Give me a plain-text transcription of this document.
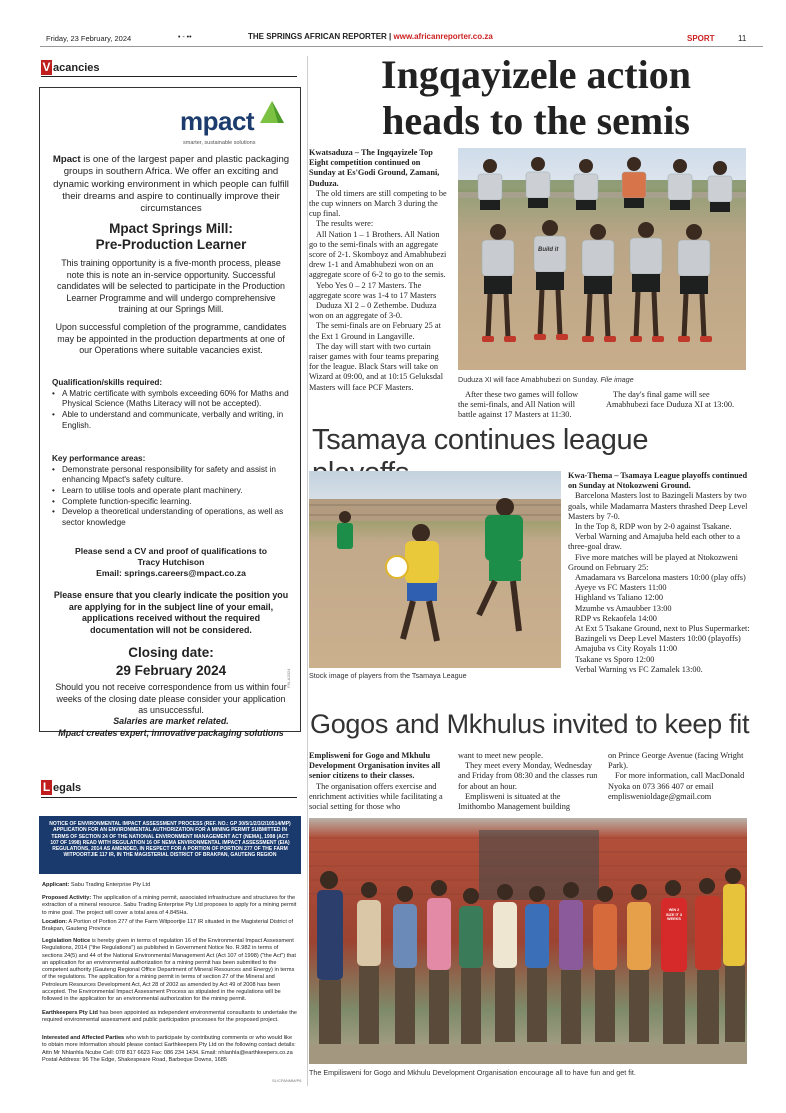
Friday, 23 February, 2024	• - ••	THE SPRINGS AFRICAN REPORTER | www.africanreporter.co.za	SPORT	11
V acancies
mpact
smarter, sustainable solutions
Mpact is one of the largest paper and plastic packaging groups in southern Africa. We offer an exciting and dynamic working environment in which people can fulfill their dreams and aspire to continually improve their circumstances
Mpact Springs Mill:
Pre-Production Learner
This training opportunity is a five-month process, please note this is note an in-service opportunity. Successful candidates will be selected to participate in the Production Learner Programme and will undergo comprehensive training at our Springs Mill.
Upon successful completion of the programme, candidates may be appointed in the production departments at one of our Operations where suitable vacancies exist.
Qualification/skills required:
• A Matric certificate with symbols exceeding 60% for Maths and Physical Science (Maths Literacy will not be accepted).
• Able to understand and communicate, verbally and writing, in English.
Key performance areas:
• Demonstrate personal responsibility for safety and assist in enhancing Mpact's safety culture.
• Learn to utilise tools and operate plant machinery.
• Complete function-specific learning.
• Develop a theoretical understanding of operations, as well as sector knowledge
Please send a CV and proof of qualifications to
Tracy Hutchison
Email: springs.careers@mpact.co.za
Please ensure that you clearly indicate the position you are applying for in the subject line of your email, applications received without the required documentation will not be considered.
Closing date:
29 February 2024
Should you not receive correspondence from us within four weeks of the closing date please consider your application as unsuccessful.
Salaries are market related.
Mpact creates expert, innovative packaging solutions
FIN-A2024
L egals
NOTICE OF ENVIRONMENTAL IMPACT ASSESSMENT PROCESS (REF. NO.: GP 30/5/1/2/3/2/10514/MP) APPLICATION FOR AN ENVIRONMENTAL AUTHORIZATION FOR A MINING PERMIT SUBMITTED IN TERMS OF SECTION 24 OF THE NATIONAL ENVIRONMENT MANAGEMENT ACT (NEMA), 1998 (ACT 107 OF 1998) READ WITH REGULATION 16 OF NEMA ENVIRONMENTAL IMPACT ASSESSMENT (EIA) REGULATIONS, 2014 AS AMENDED, IN RESPECT FOR A PORTION OF PORTION 277 OF THE FARM WITPOORTJIE 117 IR, IN THE MAGISTERIAL DISTRICT OF BRAKPAN, GAUTENG REGION
Applicant: Sabu Trading Enterprise Pty Ltd
Proposed Activity: The application of a mining permit, associated infrastructure and structures for the extraction of a mineral resource. Sabu Trading Enterprise Pty Ltd proposes to apply for a mining permit to mine goal. The project will cover a total area of 4.845Ha.
Location: A Portion of Portion 277 of the Farm Witpoortjie 117 IR situated in the Magisterial District of Brakpan, Gauteng Province
Legislation Notice is hereby given in terms of regulation 16 of the Environmental Impact Assessment Regulations, 2014 ("the Regulations") as published in Government Notice No. R.982 in terms of sections 24(5) and 44 of the National Environmental Management Act (Act 107 of 1998) ("the Act") that an application for an environmental authorization for a mining permit has been submitted to the competent authority (Gauteng Regional Office Department of Mineral Resources and Energy) in terms of the regulations. The application for a mining permit in terms of section 27 of the Mineral and Petroleum Resources Development Act, Act 28 of 2002 as amended by Act 49 of 2008 has been accepted. The Environmental Impact Assessment Process as stipulated in the regulations will be followed in the application for an environmental authorization for the mining permit.
Earthkeepers Pty Ltd has been appointed as independent environmental consultants to undertake the required environmental assessment and public participation processes for the proposed project.
Interested and Affected Parties who wish to participate by contributing comments or who would like to obtain more information should please contact Earthkeepers Pty Ltd on the following contact details: Attn Mr Nhlanhla Ncube Cell: 078 817 6623 Fax: 086 234 1434. Email: nhlanhla@earthkeepers.co.za Postal Address: 96 The Edge, Shakespeare Road, Barbeque Downs, 1685
SL/CPANMM/P6
Ingqayizele action
heads to the semis

Kwatsaduza – The Ingqayizele Top Eight competition continued on Sunday at Es'Godi Ground, Zamani, Duduza.

The old timers are still competing to be the cup winners on March 3 during the cup final.

The results were:

All Nation 1 – 1 Brothers. All Nation go to the semi-finals with an aggregate score of 2-1. Skomboyz and Amabhubezi drew 1-1 and Amabhubezi won on an aggregate score of 6-2 to go to the semis.

Yebo Yes 0 – 2 17 Masters. The aggregate score was 1-4 to 17 Masters

Duduza XI 2 – 0 Zethembe. Duduza won on an aggregate of 3-0.

The semi-finals are on February 25 at the Ext 1 Ground in Langaville.

The day will start with two curtain raiser games with four teams preparing for the league. Black Stars will take on Wizard at 09:00, and at 10:15 Geluksdal Masters will face PCF Masters.

Build it
Duduza XI will face Amabhubezi on Sunday. File image

After these two games will follow the semi-finals, and All Nation will battle against 17 Masters at 11:30.

The day's final game will see Amabhubezi face Duduza XI at 13:00.

Tsamaya continues league
Stock image of players from the Tsamaya League

Kwa-Thema – Tsamaya League playoffs continued on Sunday at Ntokozweni Ground.

Barcelona Masters lost to Bazingeli Masters by two goals, while Madamarra Masters thrashed Deep Level Masters by 7-0.

In the Top 8, RDP won by 2-0 against Tsakane.

Verbal Warning and Amajuba held each other to a three-goal draw.

Five more matches will be played at Ntokozweni Ground on February 25:

Amadamara vs Barcelona masters 10:00 (play offs)

Ayeye vs FC Masters 11:00

Highland vs Taliano 12:00

Mzumbe vs Amaubber 13:00

RDP vs Rekaofela 14:00

At Ext 5 Tsakane Ground, next to Plus Supermarket:

Bazingeli vs Deep Level Masters 10:00 (playoffs)

Amajuba vs City Royals 11:00

Tsakane vs Sporo 12:00

Verbal Warning vs FC Zamalek 13:00.

Gogos and Mkhulus invited to keep fit

Emplisweni for Gogo and Mkhulu Development Organisation invites all senior citizens to their classes.

The organisation offers exercise and enrichment activities while facilitating a social setting for those who

want to meet new people.

They meet every Monday, Wednesday and Friday from 08:30 and the classes run for about an hour.

Emplisweni is situated at the Imithombo Management building

on Prince George Avenue (facing Wright Park).

For more information, call MacDonald Nyoka on 073 366 407 or email empliswenioldage@gmail.com

WIN 2 SIZE IT 3 WEEKS
The Empilisweni for Gogo and Mkhulu Development Organisation encourage all to have fun and get fit.
